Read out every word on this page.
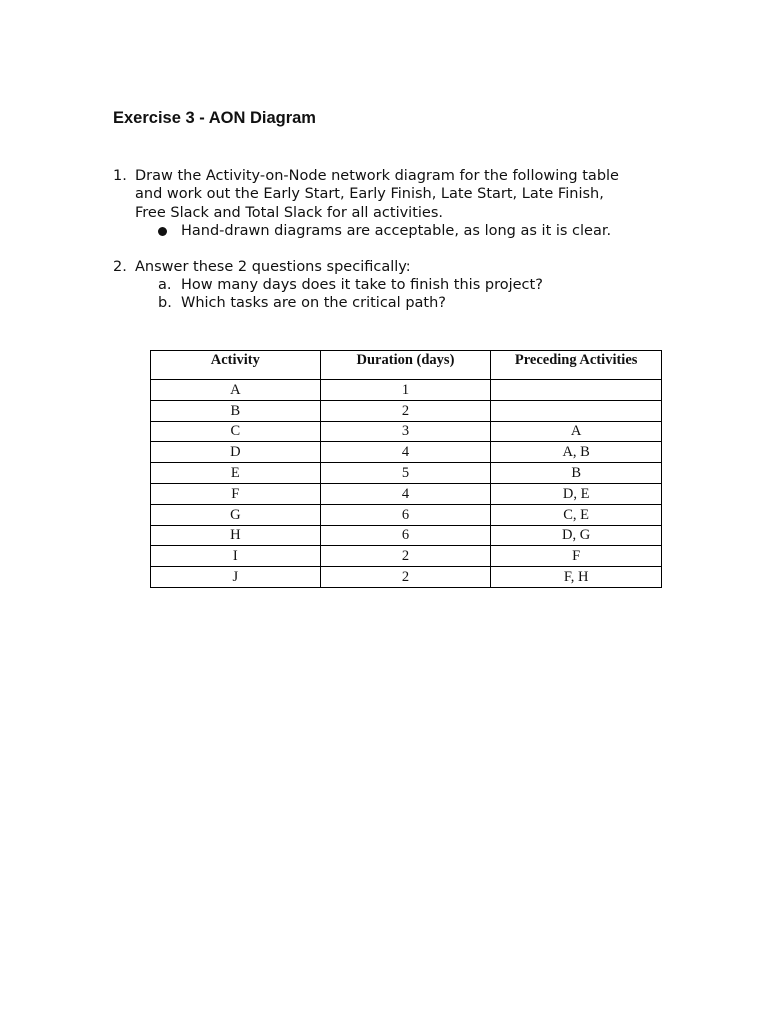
Exercise 3 - AON Diagram
1. Draw the Activity-on-Node network diagram for the following table
and work out the Early Start, Early Finish, Late Start, Late Finish,
Free Slack and Total Slack for all activities.
Hand-drawn diagrams are acceptable, as long as it is clear.
2. Answer these 2 questions specifically:
a. How many days does it take to finish this project?
b. Which tasks are on the critical path?
Activity	Duration (days)	Preceding Activities
A	1	
B	2	
C	3	A
D	4	A, B
E	5	B
F	4	D, E
G	6	C, E
H	6	D, G
I	2	F
J	2	F, H
